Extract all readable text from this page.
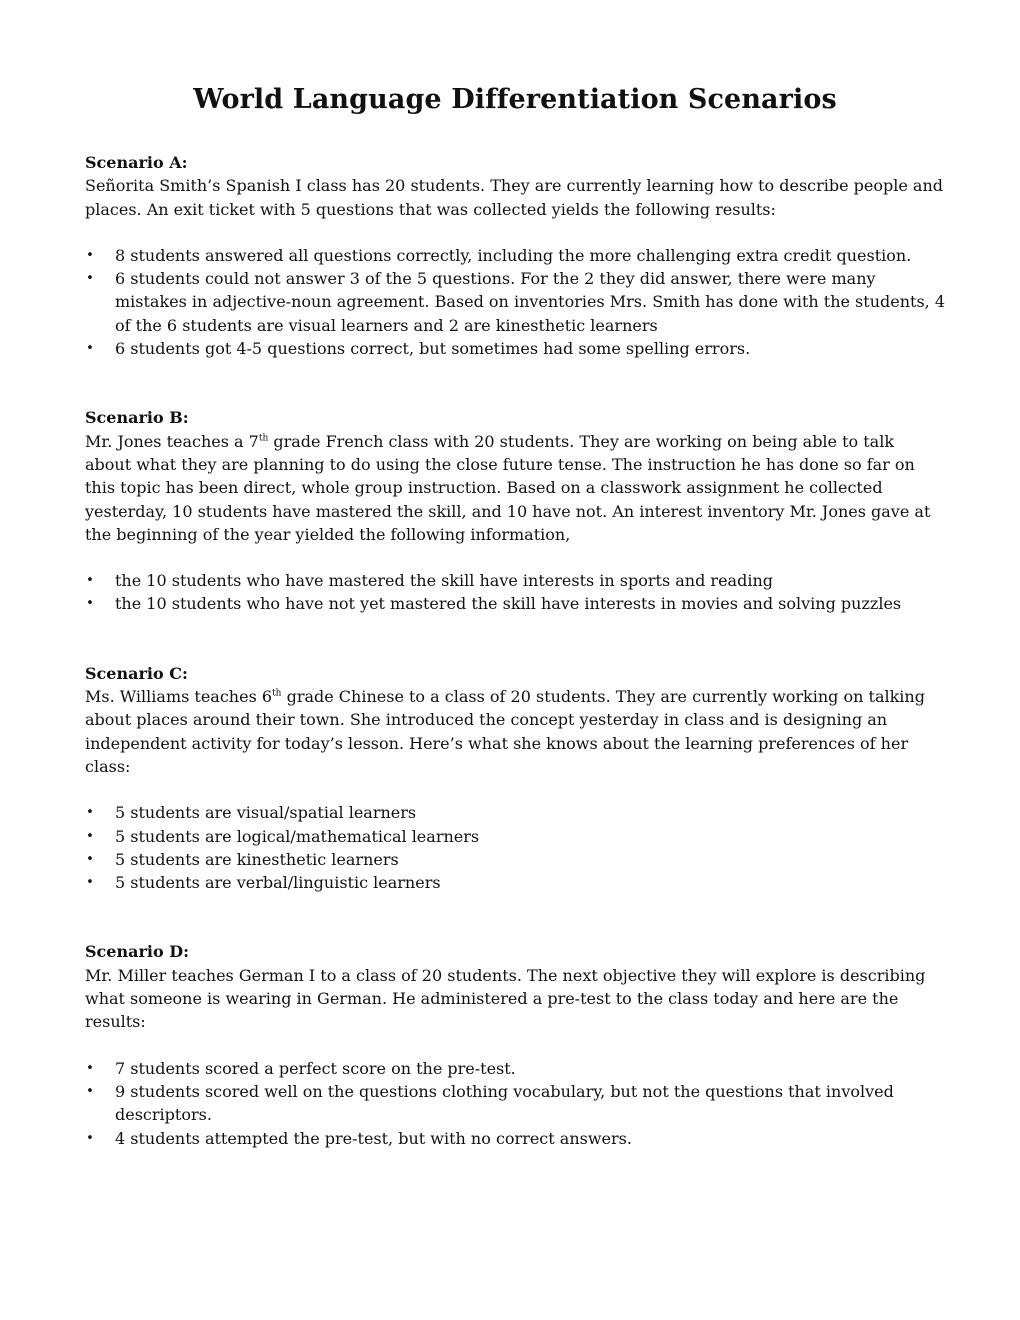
World Language Differentiation Scenarios
Scenario A:

Señorita Smith’s Spanish I class has 20 students. They are currently learning how to describe people and places. An exit ticket with 5 questions that was collected yields the following results:

• 8 students answered all questions correctly, including the more challenging extra credit question.
• 6 students could not answer 3 of the 5 questions. For the 2 they did answer, there were many mistakes in adjective-noun agreement. Based on inventories Mrs. Smith has done with the students, 4 of the 6 students are visual learners and 2 are kinesthetic learners
• 6 students got 4-5 questions correct, but sometimes had some spelling errors.
Scenario B:

Mr. Jones teaches a 7th grade French class with 20 students. They are working on being able to talk about what they are planning to do using the close future tense. The instruction he has done so far on this topic has been direct, whole group instruction. Based on a classwork assignment he collected yesterday, 10 students have mastered the skill, and 10 have not. An interest inventory Mr. Jones gave at the beginning of the year yielded the following information,

• the 10 students who have mastered the skill have interests in sports and reading
• the 10 students who have not yet mastered the skill have interests in movies and solving puzzles
Scenario C:

Ms. Williams teaches 6th grade Chinese to a class of 20 students. They are currently working on talking about places around their town. She introduced the concept yesterday in class and is designing an independent activity for today’s lesson. Here’s what she knows about the learning preferences of her class:

• 5 students are visual/spatial learners
• 5 students are logical/mathematical learners
• 5 students are kinesthetic learners
• 5 students are verbal/linguistic learners
Scenario D:

Mr. Miller teaches German I to a class of 20 students. The next objective they will explore is describing what someone is wearing in German. He administered a pre-test to the class today and here are the results:

• 7 students scored a perfect score on the pre-test.
• 9 students scored well on the questions clothing vocabulary, but not the questions that involved descriptors.
• 4 students attempted the pre-test, but with no correct answers.
